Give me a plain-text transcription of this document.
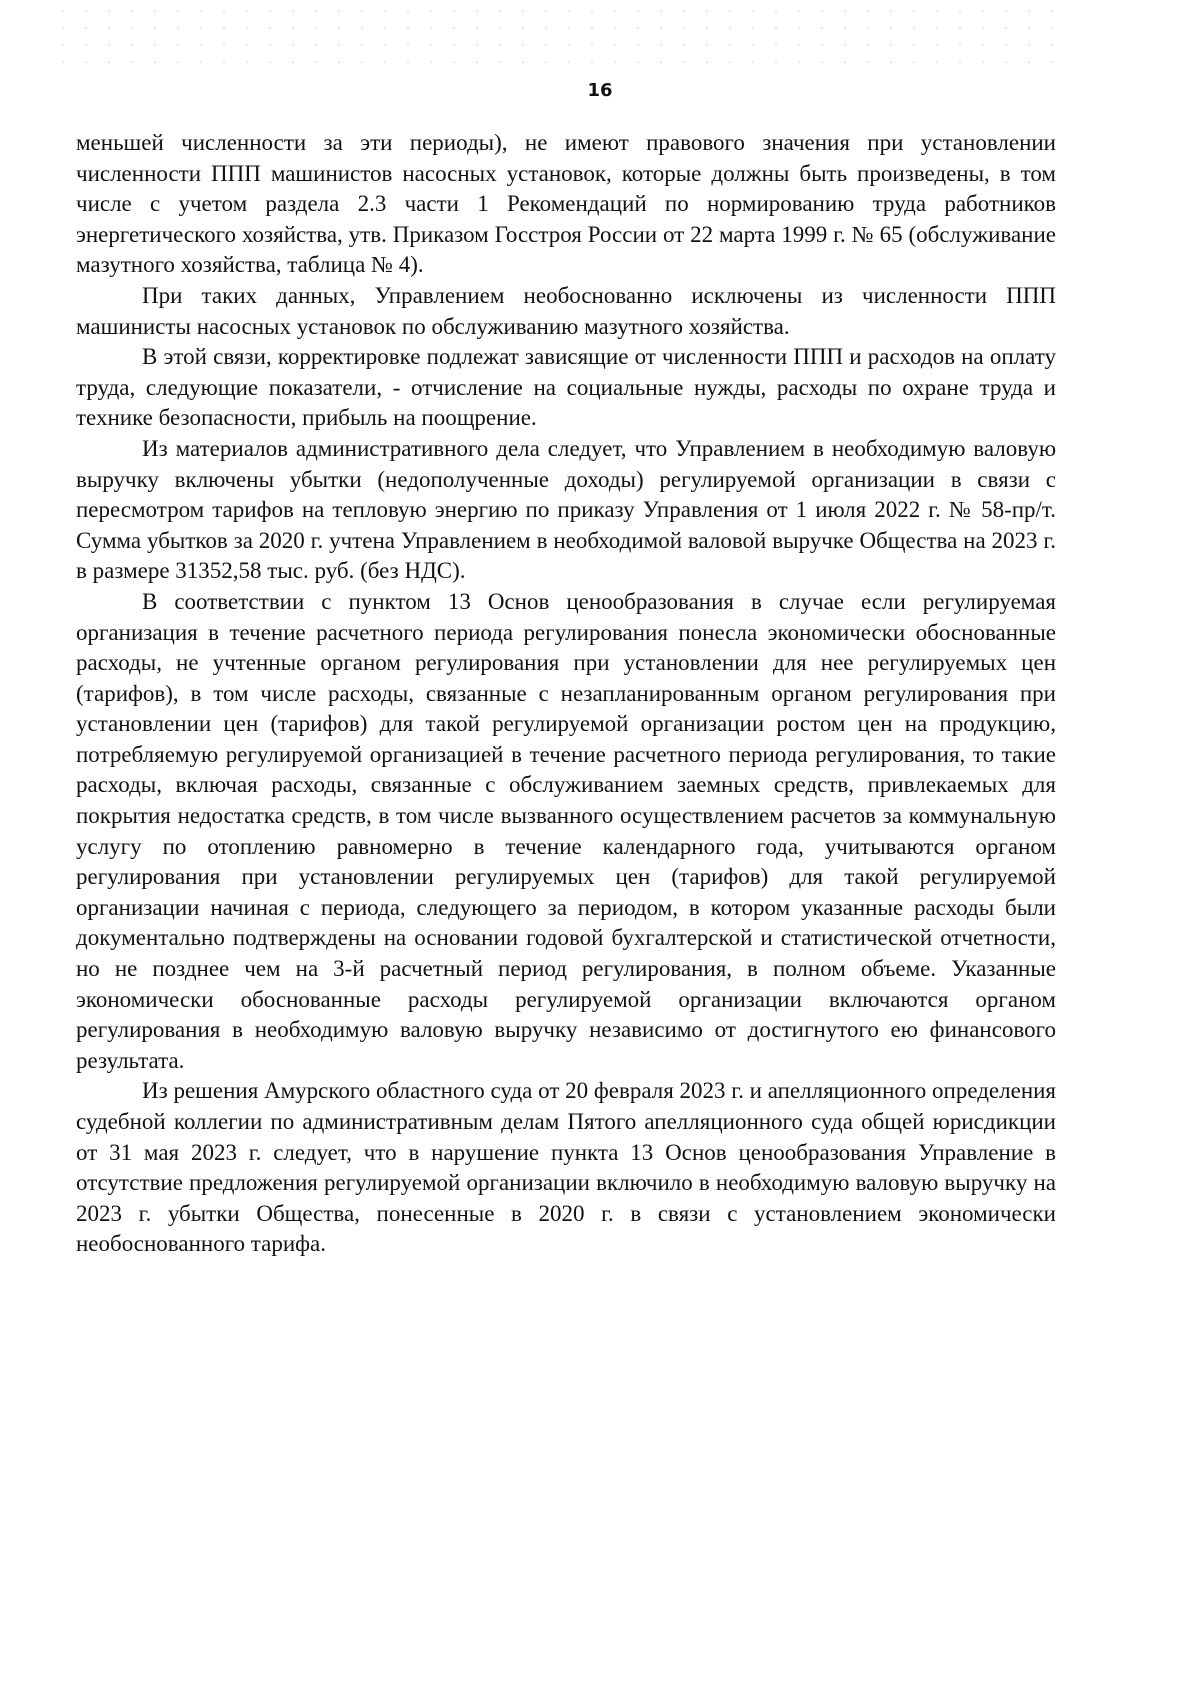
16

меньшей численности за эти периоды), не имеют правового значения при установлении численности ППП машинистов насосных установок, которые должны быть произведены, в том числе с учетом раздела 2.3 части 1 Рекомендаций по нормированию труда работников энергетического хозяйства, утв. Приказом Госстроя России от 22 марта 1999 г. № 65 (обслуживание мазутного хозяйства, таблица № 4).

При таких данных, Управлением необоснованно исключены из численности ППП машинисты насосных установок по обслуживанию мазутного хозяйства.

В этой связи, корректировке подлежат зависящие от численности ППП и расходов на оплату труда, следующие показатели, - отчисление на социальные нужды, расходы по охране труда и технике безопасности, прибыль на поощрение.

Из материалов административного дела следует, что Управлением в необходимую валовую выручку включены убытки (недополученные доходы) регулируемой организации в связи с пересмотром тарифов на тепловую энергию по приказу Управления от 1 июля 2022 г. № 58-пр/т. Сумма убытков за 2020 г. учтена Управлением в необходимой валовой выручке Общества на 2023 г. в размере 31352,58 тыс. руб. (без НДС).

В соответствии с пунктом 13 Основ ценообразования в случае если регулируемая организация в течение расчетного периода регулирования понесла экономически обоснованные расходы, не учтенные органом регулирования при установлении для нее регулируемых цен (тарифов), в том числе расходы, связанные с незапланированным органом регулирования при установлении цен (тарифов) для такой регулируемой организации ростом цен на продукцию, потребляемую регулируемой организацией в течение расчетного периода регулирования, то такие расходы, включая расходы, связанные с обслуживанием заемных средств, привлекаемых для покрытия недостатка средств, в том числе вызванного осуществлением расчетов за коммунальную услугу по отоплению равномерно в течение календарного года, учитываются органом регулирования при установлении регулируемых цен (тарифов) для такой регулируемой организации начиная с периода, следующего за периодом, в котором указанные расходы были документально подтверждены на основании годовой бухгалтерской и статистической отчетности, но не позднее чем на 3-й расчетный период регулирования, в полном объеме. Указанные экономически обоснованные расходы регулируемой организации включаются органом регулирования в необходимую валовую выручку независимо от достигнутого ею финансового результата.

Из решения Амурского областного суда от 20 февраля 2023 г. и апелляционного определения судебной коллегии по административным делам Пятого апелляционного суда общей юрисдикции от 31 мая 2023 г. следует, что в нарушение пункта 13 Основ ценообразования Управление в отсутствие предложения регулируемой организации включило в необходимую валовую выручку на 2023 г. убытки Общества, понесенные в 2020 г. в связи с установлением экономически необоснованного тарифа.
